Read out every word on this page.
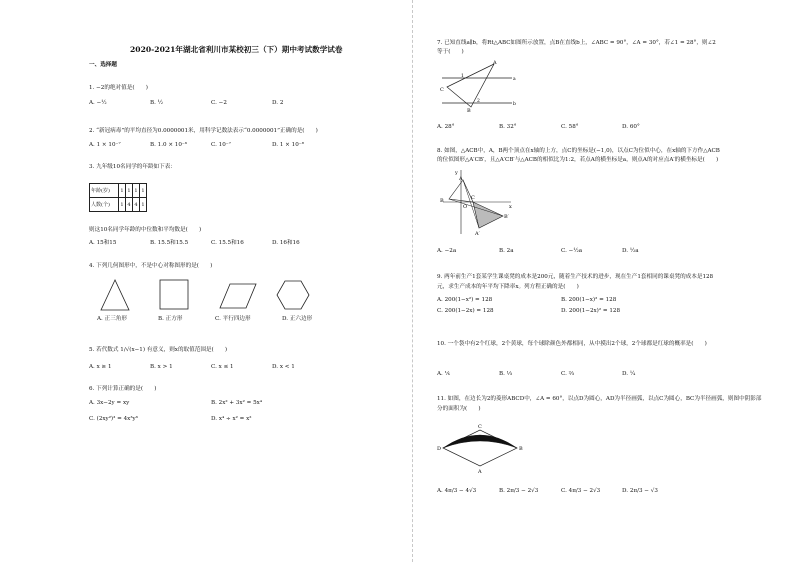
2020-2021年湖北省利川市某校初三（下）期中考试数学试卷
一、选择题
1. −2的绝对值是(　　)
A. −½	B. ½	C. −2	D. 2
2. “新冠病毒”的平均直径为0.0000001米，用科学记数法表示“0.0000001”正确的是(　　)
A. 1 × 10⁻⁷	B. 1.0 × 10⁻⁶	C. 10⁻⁷	D. 1 × 10⁻⁸
3. 九年级10名同学的年龄如下表：
年龄(岁)	1	1	1	1
人数(个)	1	4	4	1
则这10名同学年龄的中位数和平均数是(　　)
A. 15和15	B. 15.5和15.5	C. 15.5和16	D. 16和16
4. 下列几何图形中，不是中心对称图形的是(　　)
A. 正三角形	B. 正方形	C. 平行四边形	D. 正六边形
5. 若代数式 1/√(x−1) 有意义，则x的取值范围是(　　)
A. x ≥ 1	B. x > 1	C. x ≤ 1	D. x < 1
6. 下列计算正确的是(　　)
A. 3x−2y = xy	B. 2x² + 3x² = 5x⁴
C. (2xy²)³ = 4x³y⁶	D. x⁴ ÷ x² = x²
7. 已知直线a∥b，将Rt△ABC如图所示放置，点B在直线b上，∠ABC = 90°，∠A = 30°，若∠1 = 28°，则∠2
等于(　　)
A
C
B
1
2
a
b
A. 28°	B. 32°	C. 58°	D. 60°
8. 如图，△ACB中，A，B两个顶点在x轴的上方，点C的坐标是(−1,0)，以点C为位似中心，在x轴的下方作△ACB
的位似图形△A′CB′，且△A′CB′与△ACB的相似比为1:2，若点A的横坐标是a，则点A的对应点A′的横坐标是(　　)
y
x
A
B
O
C
B′
A′
A. −2a	B. 2a	C. −½a	D. ½a
9. 两年前生产1套某学生课桌凳的成本是200元，随着生产技术的进步，现在生产1套相同的课桌凳的成本是128
元，求生产成本的年平均下降率x。列方程正确的是(　　)
A. 200(1−x²) = 128	B. 200(1−x)² = 128
C. 200(1−2x) = 128	D. 200(1−2x)² = 128
10. 一个袋中有2个红球，2个黄球，每个球除颜色外都相同，从中摸出2个球，2个球都是红球的概率是(　　)
A. ⅙	B. ⅓	C. ⅔	D. ¼
11. 如图，在边长为2的菱形ABCD中，∠A = 60°，以点D为圆心，AD为半径画弧，以点C为圆心，BC为半径画弧，则图中阴影部
分的面积为(　　)
D
C
B
A
A. 4π/3 − 4√3	B. 2π/3 − 2√3	C. 4π/3 − 2√3	D. 2π/3 − √3
